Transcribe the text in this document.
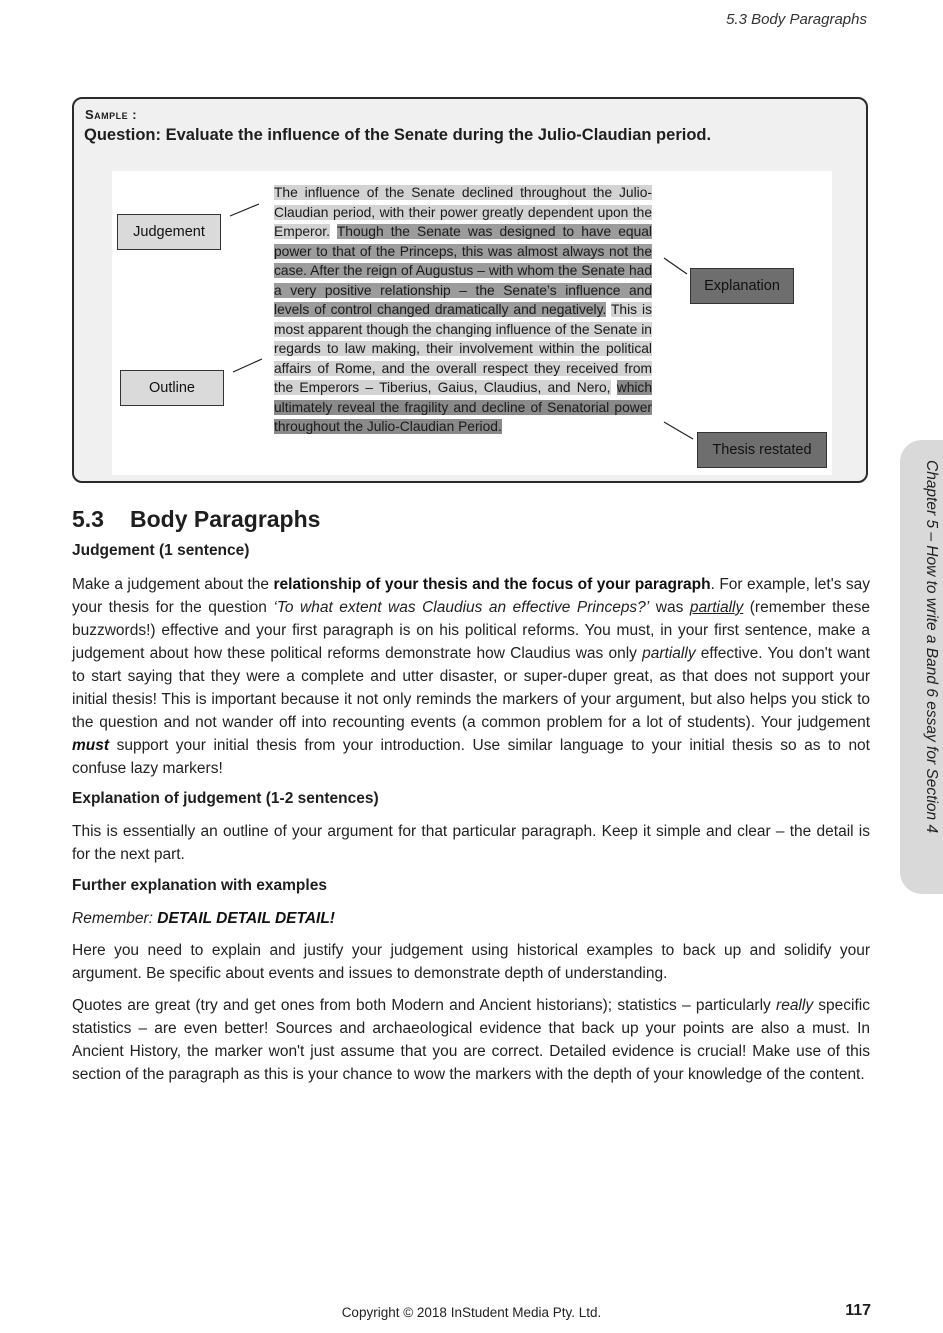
5.3 Body Paragraphs
Sample :
Question: Evaluate the influence of the Senate during the Julio-Claudian period.
The influence of the Senate declined throughout the Julio-Claudian period, with their power greatly dependent upon the Emperor. Though the Senate was designed to have equal power to that of the Princeps, this was almost always not the case. After the reign of Augustus – with whom the Senate had a very positive relationship – the Senate’s influence and levels of control changed dramatically and negatively. This is most apparent though the changing influence of the Senate in regards to law making, their involvement within the political affairs of Rome, and the overall respect they received from the Emperors – Tiberius, Gaius, Claudius, and Nero, which ultimately reveal the fragility and decline of Senatorial power throughout the Julio-Claudian Period.
Judgement
Outline
Explanation
Thesis restated
5.3 Body Paragraphs
Judgement (1 sentence)

Make a judgement about the relationship of your thesis and the focus of your paragraph. For example, let's say your thesis for the question ‘To what extent was Claudius an effective Princeps?’ was partially (remember these buzzwords!) effective and your first paragraph is on his political reforms. You must, in your first sentence, make a judgement about how these political reforms demonstrate how Claudius was only partially effective. You don't want to start saying that they were a complete and utter disaster, or super-duper great, as that does not support your initial thesis! This is important because it not only reminds the markers of your argument, but also helps you stick to the question and not wander off into recounting events (a common problem for a lot of students). Your judgement must support your initial thesis from your introduction. Use similar language to your initial thesis so as to not confuse lazy markers!

Explanation of judgement (1-2 sentences)

This is essentially an outline of your argument for that particular paragraph. Keep it simple and clear – the detail is for the next part.

Further explanation with examples

Remember: DETAIL DETAIL DETAIL!

Here you need to explain and justify your judgement using historical examples to back up and solidify your argument. Be specific about events and issues to demonstrate depth of understanding.

Quotes are great (try and get ones from both Modern and Ancient historians); statistics – particularly really specific statistics – are even better! Sources and archaeological evidence that back up your points are also a must. In Ancient History, the marker won't just assume that you are correct. Detailed evidence is crucial! Make use of this section of the paragraph as this is your chance to wow the markers with the depth of your knowledge of the content.

Chapter 5 – How to write a Band 6 essay for Section 4
Copyright © 2018 InStudent Media Pty. Ltd.	117
